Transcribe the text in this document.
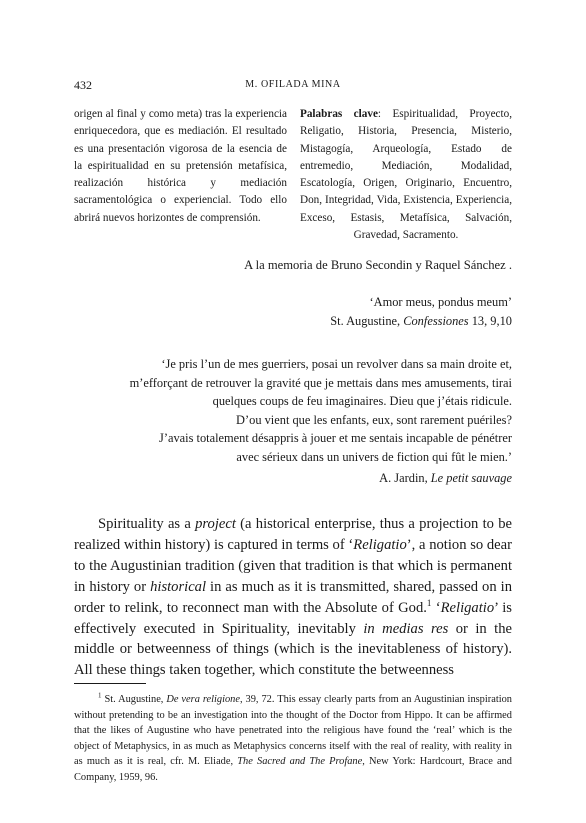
432	M. OFILADA MINA

origen al final y como meta) tras la experiencia enriquecedora, que es mediación. El resultado es una presentación vigorosa de la esencia de la espiritualidad en su pretensión metafísica, realización histórica y mediación sacramentológica o experiencial. Todo ello abrirá nuevos horizontes de comprensión.

Palabras clave: Espiritualidad, Proyecto, Religatio, Historia, Presencia, Misterio, Mistagogía, Arqueología, Estado de entremedio, Mediación, Modalidad, Escatología, Origen, Originario, Encuentro, Don, Integridad, Vida, Existencia, Experiencia, Exceso, Estasis, Metafísica, Salvación, Gravedad, Sacramento.

A la memoria de Bruno Secondin y Raquel Sánchez .

‘Amor meus, pondus meum’

St. Augustine, Confessiones 13, 9,10

‘Je pris l’un de mes guerriers, posai un revolver dans sa main droite et,

m’efforçant de retrouver la gravité que je mettais dans mes amusements, tirai

quelques coups de feu imaginaires. Dieu que j’étais ridicule.

D’ou vient que les enfants, eux, sont rarement puériles?

J’avais totalement désappris à jouer et me sentais incapable de pénétrer

avec sérieux dans un univers de fiction qui fût le mien.’

A. Jardin, Le petit sauvage

Spirituality as a project (a historical enterprise, thus a projection to be realized within history) is captured in terms of ‘Religatio’, a notion so dear to the Augustinian tradition (given that tradition is that which is permanent in history or historical in as much as it is transmitted, shared, passed on in order to relink, to reconnect man with the Absolute of God.$^1$ ‘Religatio’ is effectively executed in Spirituality, inevitably in medias res or in the middle or betweenness of things (which is the inevitableness of history). All these things taken together, which constitute the betweenness

$^1$ St. Augustine, De vera religione, 39, 72. This essay clearly parts from an Augustinian inspiration without pretending to be an investigation into the thought of the Doctor from Hippo. It can be affirmed that the likes of Augustine who have penetrated into the religious have found the ‘real’ which is the object of Metaphysics, in as much as Metaphysics concerns itself with the real of reality, with reality in as much as it is real, cfr. M. Eliade, The Sacred and The Profane, New York: Hardcourt, Brace and Company, 1959, 96.
